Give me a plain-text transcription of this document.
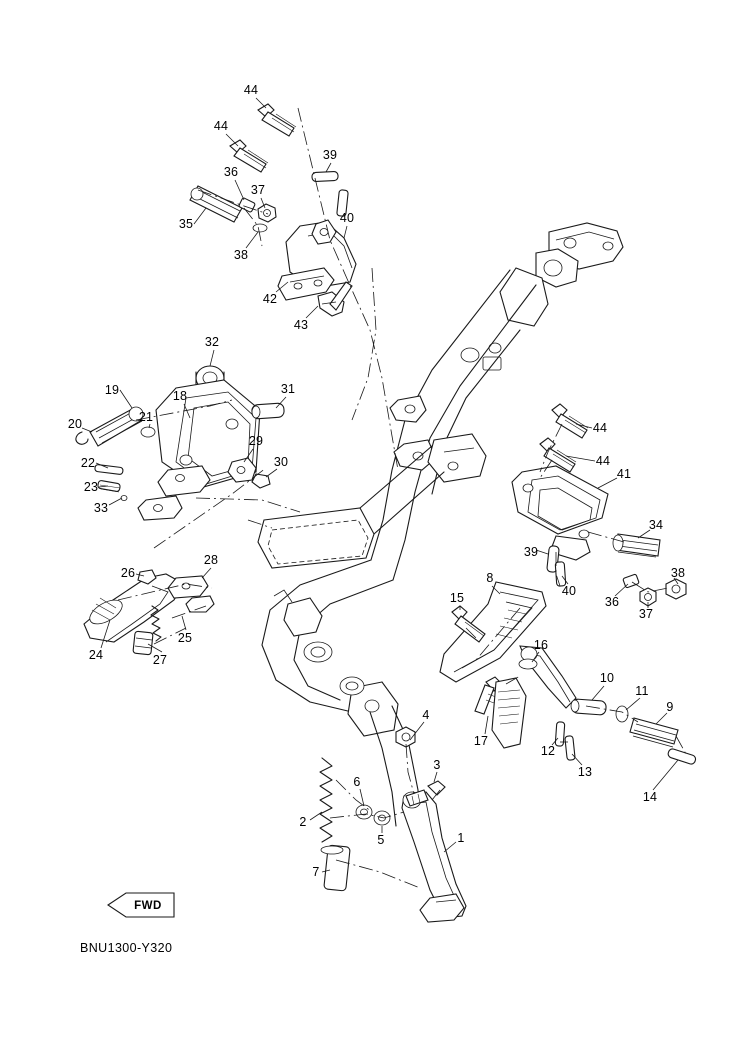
44
44
39
36
37
40
35
38
42
43
32
19	18	31
20	21
44
44
22
29
30
23
41
33
34
39
38
26
28
40
36
37
8
15
25
27
24
16
10
11
9
17
12
13
4
14
6
3
2
5	1
7
FWD
BNU1300-Y320
